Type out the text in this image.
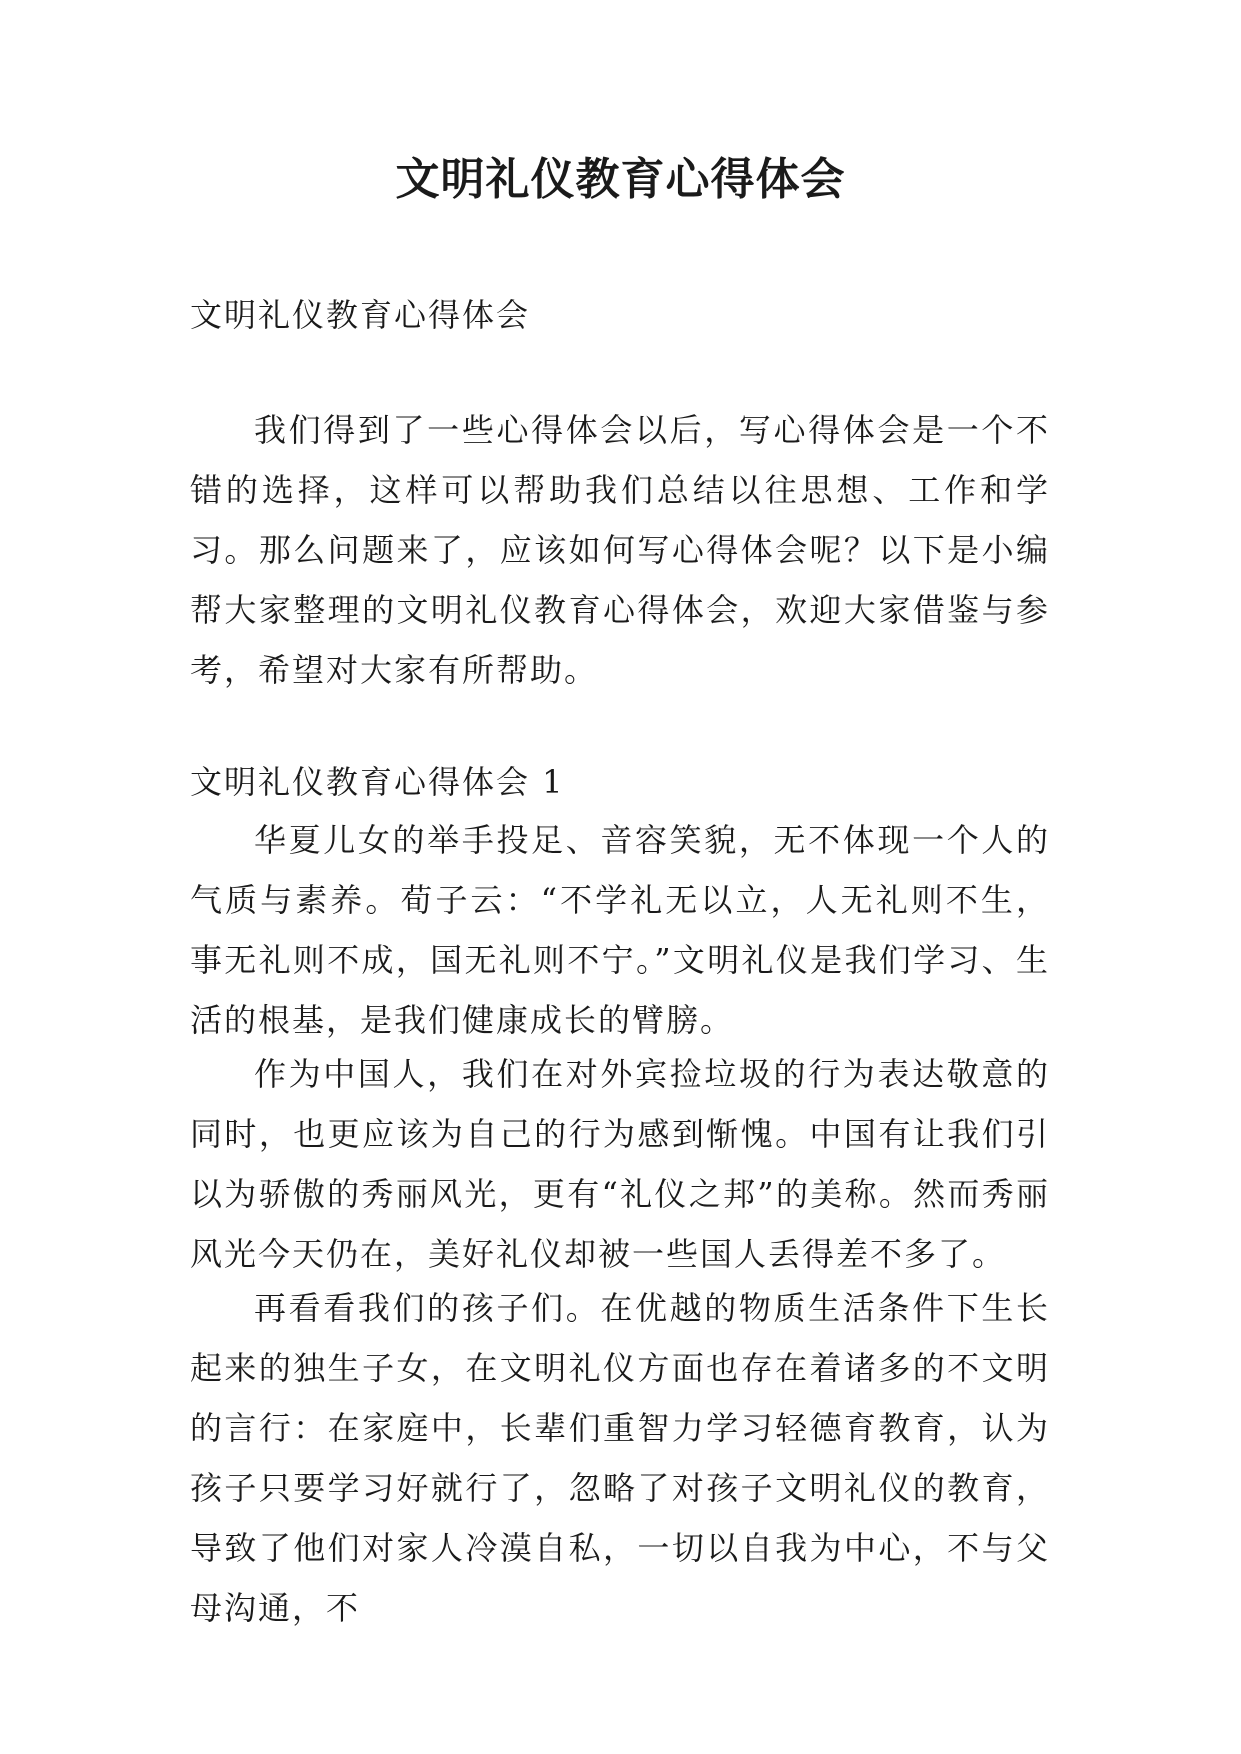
文明礼仪教育心得体会

文明礼仪教育心得体会

我们得到了一些心得体会以后，写心得体会是一个不错的选择，这样可以帮助我们总结以往思想、工作和学习。那么问题来了，应该如何写心得体会呢？以下是小编帮大家整理的文明礼仪教育心得体会，欢迎大家借鉴与参考，希望对大家有所帮助。

文明礼仪教育心得体会 1

华夏儿女的举手投足、音容笑貌，无不体现一个人的气质与素养。荀子云：“不学礼无以立，人无礼则不生，事无礼则不成，国无礼则不宁。”文明礼仪是我们学习、生活的根基，是我们健康成长的臂膀。

作为中国人，我们在对外宾捡垃圾的行为表达敬意的同时，也更应该为自己的行为感到惭愧。中国有让我们引以为骄傲的秀丽风光，更有“礼仪之邦”的美称。然而秀丽风光今天仍在，美好礼仪却被一些国人丢得差不多了。

再看看我们的孩子们。在优越的物质生活条件下生长起来的独生子女，在文明礼仪方面也存在着诸多的不文明的言行：在家庭中，长辈们重智力学习轻德育教育，认为孩子只要学习好就行了，忽略了对孩子文明礼仪的教育，导致了他们对家人冷漠自私，一切以自我为中心，不与父母沟通，不
